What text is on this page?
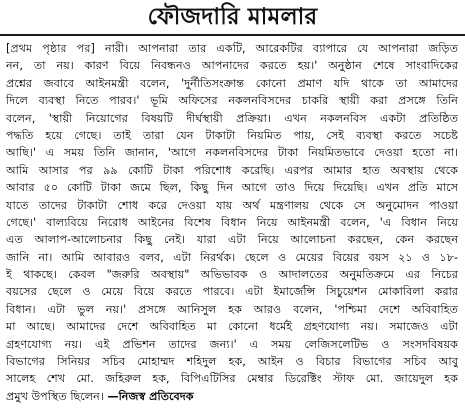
ফৌজদারি মামলার
[প্রথম পৃষ্ঠার পর] নারী। আপনারা তার একটি, আরেকটির ব্যাপারে যে আপনারা জড়িত
নন, তা নয়। কারণ বিয়ে নিবন্ধনও আপনাদের করতে হয়।' অনুষ্ঠান শেষে সাংবাদিকের
প্রশ্নের জবাবে আইনমন্ত্রী বলেন, 'দুর্নীতিসংক্রান্ত কোনো প্রমাণ যদি থাকে তা আমাদের
দিলে ব্যবস্থা নিতে পারব।' ভূমি অফিসের নকলনবিসদের চাকরি স্থায়ী করা প্রসঙ্গে তিনি
বলেন, 'স্থায়ী নিয়োগের বিষয়টি দীর্ঘস্থায়ী প্রক্রিয়া। এখন নকলনবিস একটা প্রতিষ্ঠিত
পদ্ধতি হয়ে গেছে। তাই তারা যেন টাকাটা নিয়মিত পায়, সেই ব্যবস্থা করতে সচেষ্ট
আছি।' এ সময় তিনি জানান, 'আগে নকলনবিসদের টাকা নিয়মিতভাবে দেওয়া হতো না।
আমি আসার পর ৯৯ কোটি টাকা পরিশোধ করেছি। এরপর আমার হাত অবস্থায় থেকে
আবার ৫০ কোটি টাকা জমে ছিল, কিছু দিন আগে তাও দিয়ে দিয়েছি। এখন প্রতি মাসে
যাতে তাদের টাকাটা শোধ করে দেওয়া যায় অর্থ মন্ত্রণালয় থেকে সে অনুমোদন পাওয়া
গেছে।' বাল্যবিয়ে নিরোধ আইনের বিশেষ বিধান নিয়ে আইনমন্ত্রী বলেন, 'এ বিধান নিয়ে
এত আলাপ-আলোচনার কিছু নেই। যারা এটা নিয়ে আলোচনা করছেন, কেন করছেন
জানি না। আমি আবারও বলব, এটা নিরর্থক। ছেলে ও মেয়ের বিয়ের বয়স ২১ ও ১৮-
ই থাকছে। কেবল "জরুরি অবস্থায়" অভিভাবক ও আদালতের অনুমতিক্রমে এর নিচের
বয়সের ছেলে ও মেয়ে বিয়ে করতে পারবে। এটা ইমার্জেন্সি সিচুয়েশন মোকাবিলা করার
বিধান। এটা ভুল নয়।' প্রসঙ্গে আনিসুল হক আরও বলেন, 'পশ্চিমা দেশে অবিবাহিত
মা আছে। আমাদের দেশে অবিবাহিত মা কোনো ধর্মেই গ্রহণযোগ্য নয়। সমাজেও এটা
গ্রহণযোগ্য নয়। এই প্রভিশন তাদের জন্য।' এ সময় লেজিসলেটিভ ও সংসদবিষয়ক
বিভাগের সিনিয়র সচিব মোহাম্মদ শহিদুল হক, আইন ও বিচার বিভাগের সচিব আবু
সালেহ শেখ মো. জহিরুল হক, বিপিএটিসির মেম্বার ডিরেক্টিং স্টাফ মো. জায়েদুল হক
প্রমুখ উপস্থিত ছিলেন। —নিজস্ব প্রতিবেদক
